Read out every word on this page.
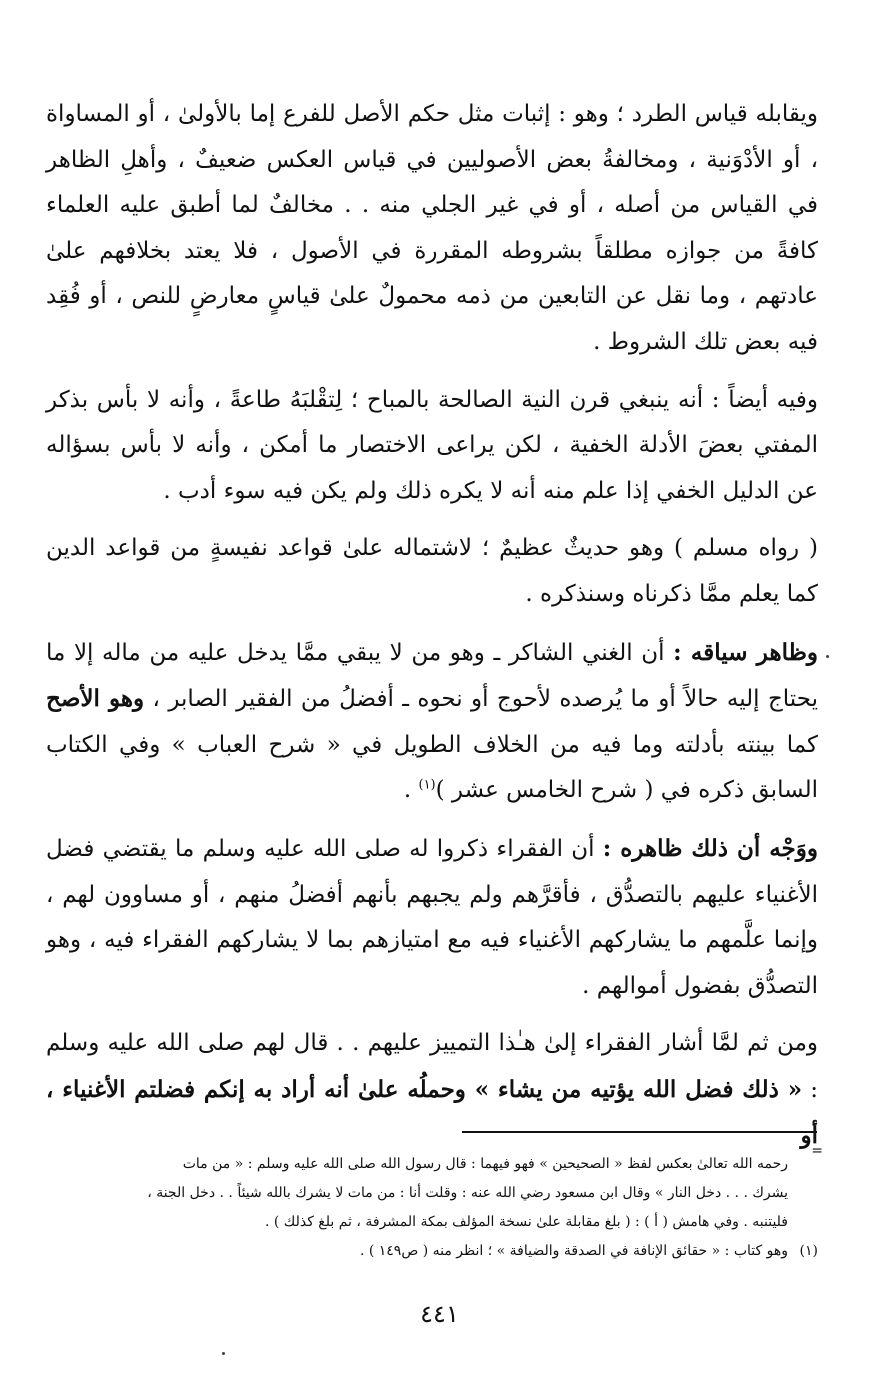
ويقابله قياس الطرد ؛ وهو : إثبات مثل حكم الأصل للفرع إما بالأولىٰ ، أو المساواة ، أو الأدْوَنية ، ومخالفةُ بعض الأصوليين في قياس العكس ضعيفٌ ، وأهلِ الظاهر في القياس من أصله ، أو في غير الجلي منه . . مخالفٌ لما أطبق عليه العلماء كافةً من جوازه مطلقاً بشروطه المقررة في الأصول ، فلا يعتد بخلافهم علىٰ عادتهم ، وما نقل عن التابعين من ذمه محمولٌ علىٰ قياسٍ معارضٍ للنص ، أو فُقِد فيه بعض تلك الشروط .
وفيه أيضاً : أنه ينبغي قرن النية الصالحة بالمباح ؛ لِتقْلبَهُ طاعةً ، وأنه لا بأس بذكر المفتي بعضَ الأدلة الخفية ، لكن يراعى الاختصار ما أمكن ، وأنه لا بأس بسؤاله عن الدليل الخفي إذا علم منه أنه لا يكره ذلك ولم يكن فيه سوء أدب .
( رواه مسلم ) وهو حديثٌ عظيمٌ ؛ لاشتماله علىٰ قواعد نفيسةٍ من قواعد الدين كما يعلم ممَّا ذكرناه وسنذكره .
وظاهر سياقه : أن الغني الشاكر ـ وهو من لا يبقي ممَّا يدخل عليه من ماله إلا ما يحتاج إليه حالاً أو ما يُرصده لأحوج أو نحوه ـ أفضلُ من الفقير الصابر ، وهو الأصح كما بينته بأدلته وما فيه من الخلاف الطويل في « شرح العباب » وفي الكتاب السابق ذكره في ( شرح الخامس عشر )$^{(١)}$ .
ووَجْه أن ذلك ظاهره : أن الفقراء ذكروا له صلى الله عليه وسلم ما يقتضي فضل الأغنياء عليهم بالتصدُّق ، فأقرَّهم ولم يجبهم بأنهم أفضلُ منهم ، أو مساوون لهم ، وإنما علَّمهم ما يشاركهم الأغنياء فيه مع امتيازهم بما لا يشاركهم الفقراء فيه ، وهو التصدُّق بفضول أموالهم .
ومن ثم لمَّا أشار الفقراء إلىٰ هـٰذا التمييز عليهم . . قال لهم صلى الله عليه وسلم : « ذلك فضل الله يؤتيه من يشاء » وحملُه علىٰ أنه أراد به إنكم فضلتم الأغنياء ، أو
=
رحمه الله تعالىٰ بعكس لفظ « الصحيحين » فهو فيهما : قال رسول الله صلى الله عليه وسلم : « من مات
يشرك . . . دخل النار » وقال ابن مسعود رضي الله عنه : وقلت أنا : من مات لا يشرك بالله شيئاً . . دخل الجنة ،
فليتنبه . وفي هامش ( أ ) : ( بلغ مقابلة علىٰ نسخة المؤلف بمكة المشرفة ، ثم بلغ كذلك ) .
(١)وهو كتاب : « حقائق الإنافة في الصدقة والضيافة » ؛ انظر منه ( ص١٤٩ ) .
٤٤١
